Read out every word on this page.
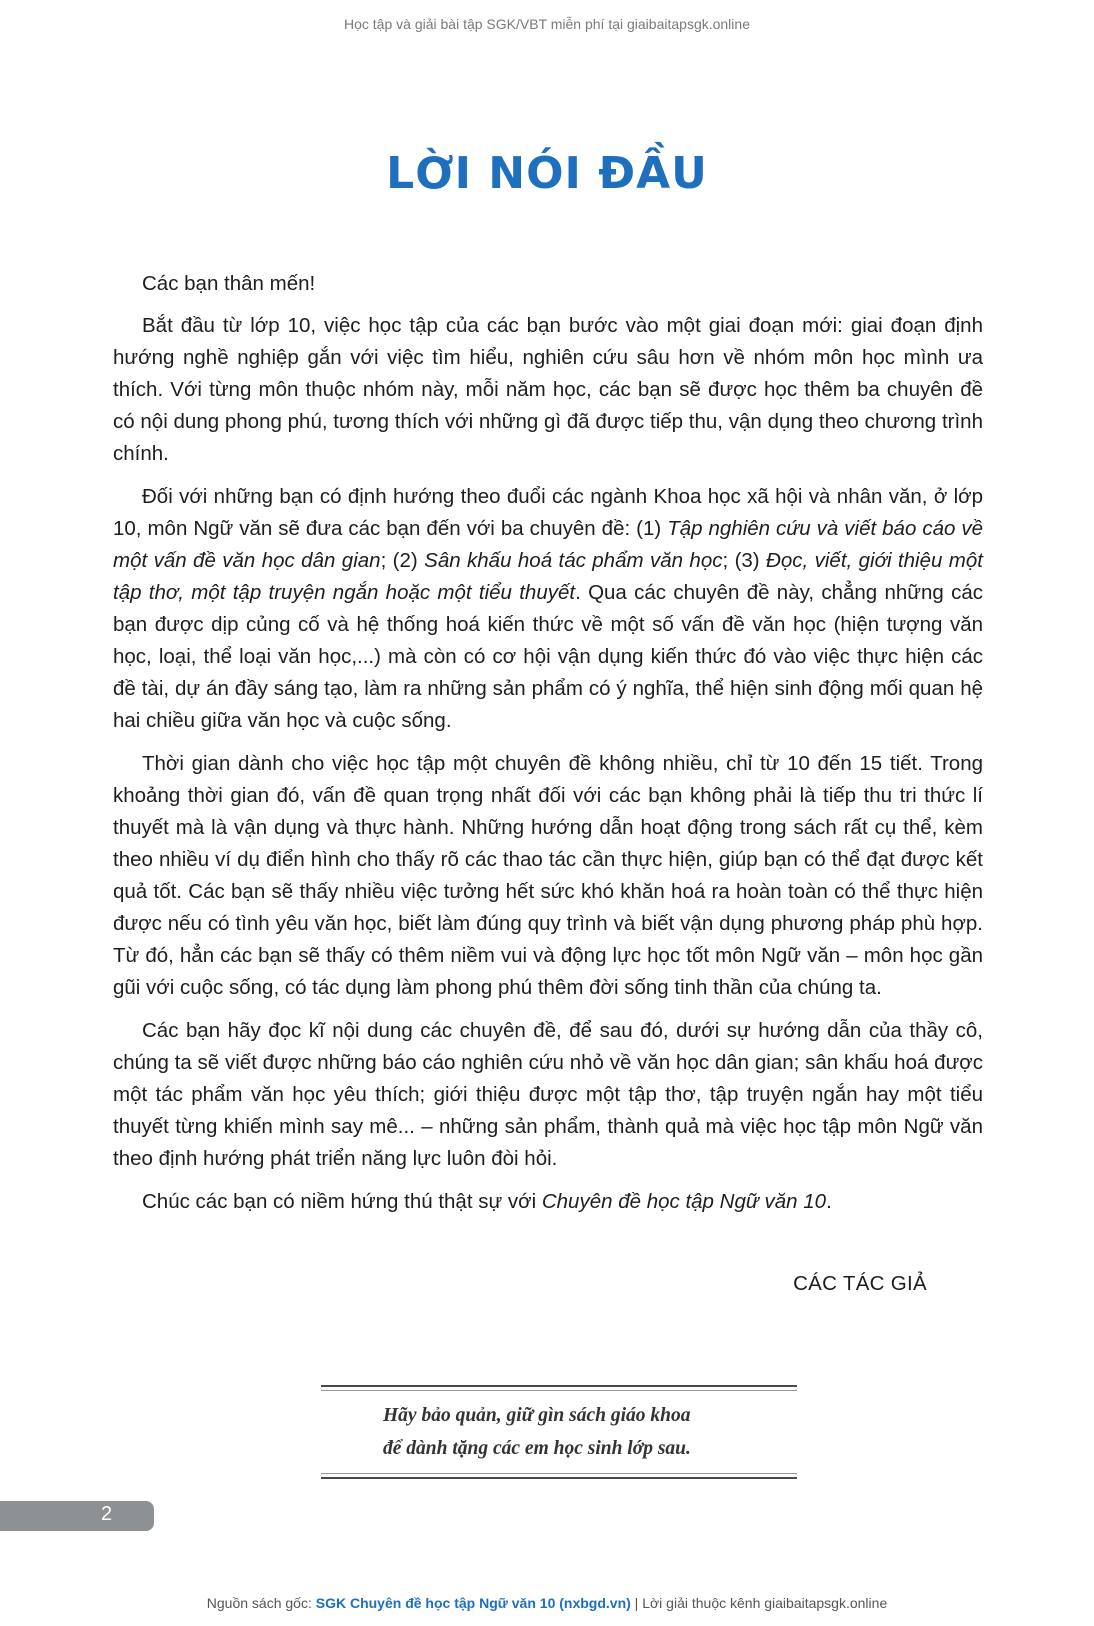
Học tập và giải bài tập SGK/VBT miễn phí tại giaibaitapsgk.online
LỜI NÓI ĐẦU

Các bạn thân mến!

Bắt đầu từ lớp 10, việc học tập của các bạn bước vào một giai đoạn mới: giai đoạn định hướng nghề nghiệp gắn với việc tìm hiểu, nghiên cứu sâu hơn về nhóm môn học mình ưa thích. Với từng môn thuộc nhóm này, mỗi năm học, các bạn sẽ được học thêm ba chuyên đề có nội dung phong phú, tương thích với những gì đã được tiếp thu, vận dụng theo chương trình chính.

Đối với những bạn có định hướng theo đuổi các ngành Khoa học xã hội và nhân văn, ở lớp 10, môn Ngữ văn sẽ đưa các bạn đến với ba chuyên đề: (1) Tập nghiên cứu và viết báo cáo về một vấn đề văn học dân gian; (2) Sân khấu hoá tác phẩm văn học; (3) Đọc, viết, giới thiệu một tập thơ, một tập truyện ngắn hoặc một tiểu thuyết. Qua các chuyên đề này, chẳng những các bạn được dịp củng cố và hệ thống hoá kiến thức về một số vấn đề văn học (hiện tượng văn học, loại, thể loại văn học,...) mà còn có cơ hội vận dụng kiến thức đó vào việc thực hiện các đề tài, dự án đầy sáng tạo, làm ra những sản phẩm có ý nghĩa, thể hiện sinh động mối quan hệ hai chiều giữa văn học và cuộc sống.

Thời gian dành cho việc học tập một chuyên đề không nhiều, chỉ từ 10 đến 15 tiết. Trong khoảng thời gian đó, vấn đề quan trọng nhất đối với các bạn không phải là tiếp thu tri thức lí thuyết mà là vận dụng và thực hành. Những hướng dẫn hoạt động trong sách rất cụ thể, kèm theo nhiều ví dụ điển hình cho thấy rõ các thao tác cần thực hiện, giúp bạn có thể đạt được kết quả tốt. Các bạn sẽ thấy nhiều việc tưởng hết sức khó khăn hoá ra hoàn toàn có thể thực hiện được nếu có tình yêu văn học, biết làm đúng quy trình và biết vận dụng phương pháp phù hợp. Từ đó, hẳn các bạn sẽ thấy có thêm niềm vui và động lực học tốt môn Ngữ văn – môn học gần gũi với cuộc sống, có tác dụng làm phong phú thêm đời sống tinh thần của chúng ta.

Các bạn hãy đọc kĩ nội dung các chuyên đề, để sau đó, dưới sự hướng dẫn của thầy cô, chúng ta sẽ viết được những báo cáo nghiên cứu nhỏ về văn học dân gian; sân khấu hoá được một tác phẩm văn học yêu thích; giới thiệu được một tập thơ, tập truyện ngắn hay một tiểu thuyết từng khiến mình say mê... – những sản phẩm, thành quả mà việc học tập môn Ngữ văn theo định hướng phát triển năng lực luôn đòi hỏi.

Chúc các bạn có niềm hứng thú thật sự với Chuyên đề học tập Ngữ văn 10.

CÁC TÁC GIẢ
Hãy bảo quản, giữ gìn sách giáo khoa
để dành tặng các em học sinh lớp sau.
2
Nguồn sách gốc: SGK Chuyên đề học tập Ngữ văn 10 (nxbgd.vn) | Lời giải thuộc kênh giaibaitapsgk.online
